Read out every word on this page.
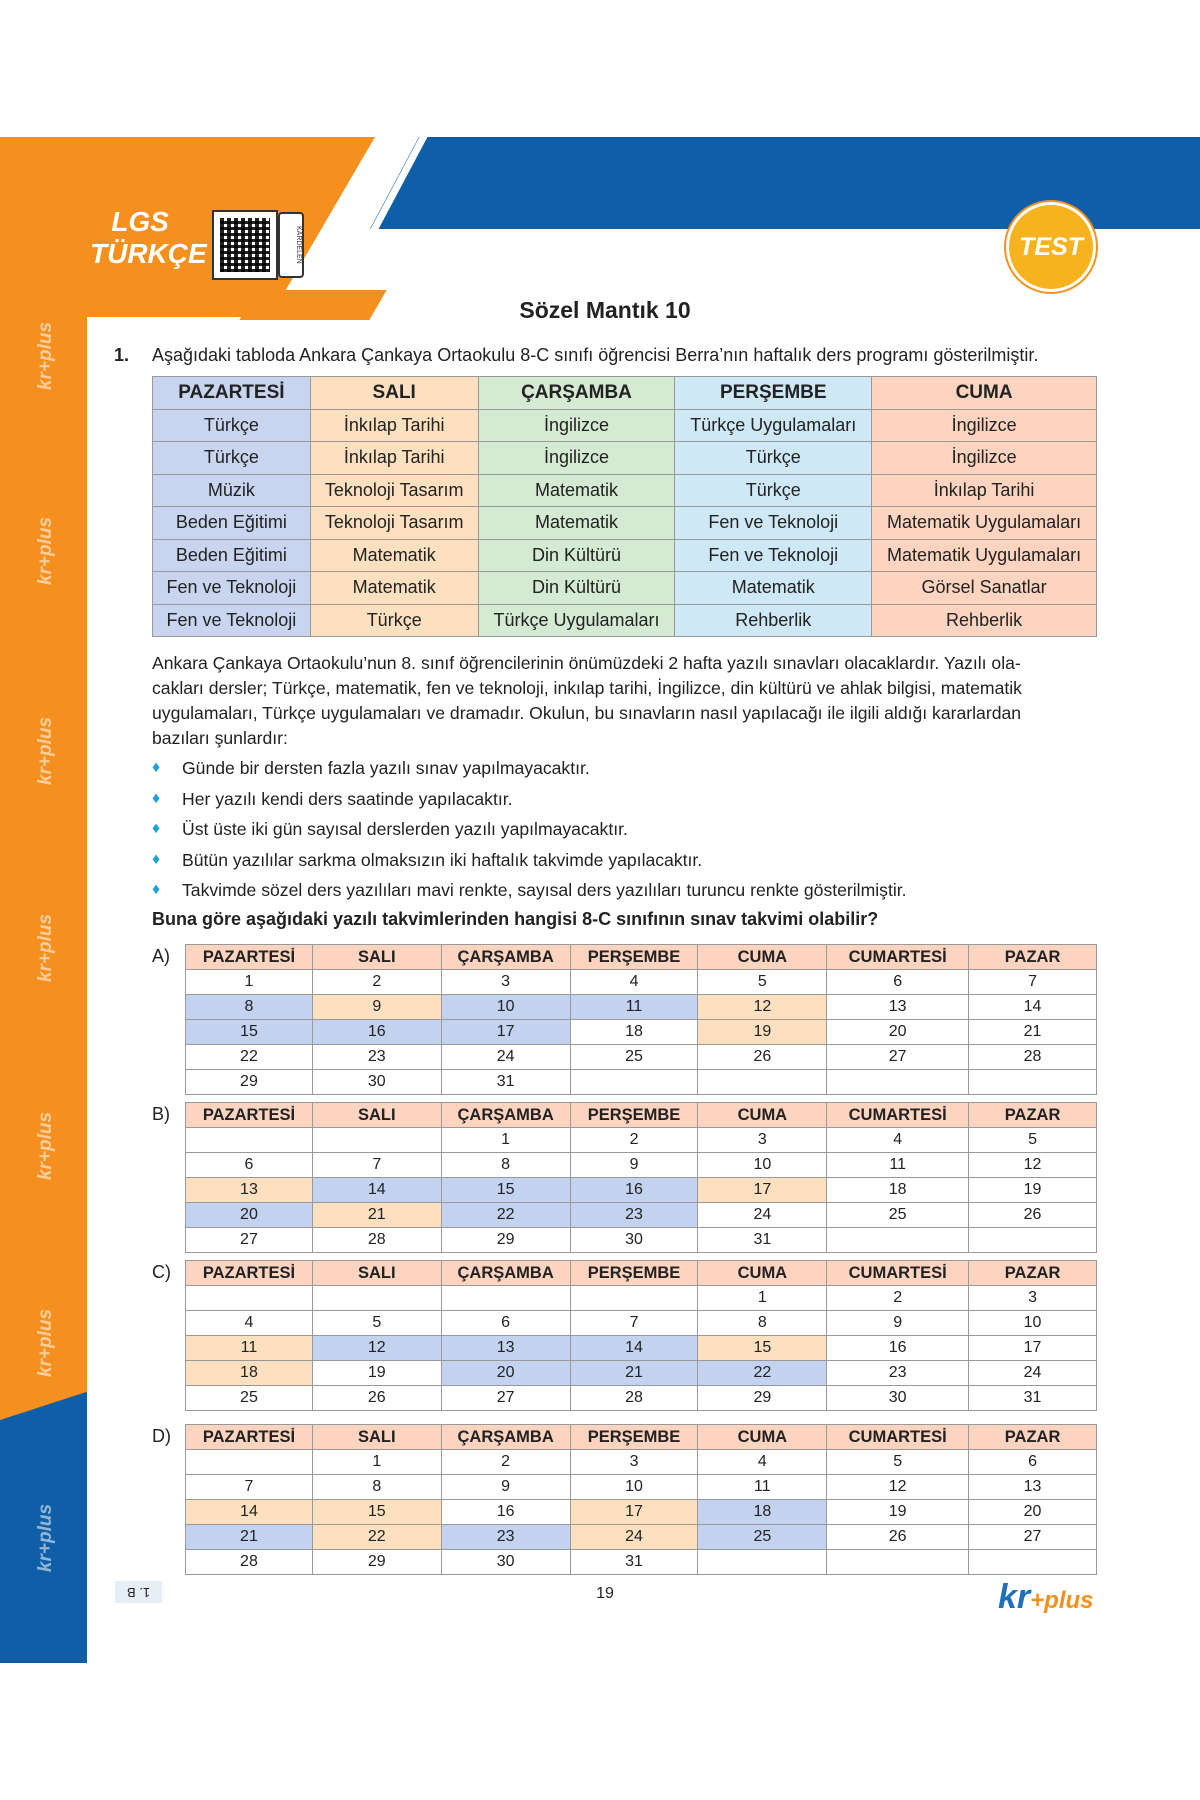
kr+plus
kr+plus
kr+plus
kr+plus
kr+plus
kr+plus
kr+plus
LGS
TÜRKÇE	KARDELEN	TEST 10
Sözel Mantık 10
1. Aşağıdaki tabloda Ankara Çankaya Ortaokulu 8-C sınıfı öğrencisi Berra’nın haftalık ders programı gösterilmiştir.
PAZARTESİ	SALI	ÇARŞAMBA	PERŞEMBE	CUMA
Türkçe	İnkılap Tarihi	İngilizce	Türkçe Uygulamaları	İngilizce
Türkçe	İnkılap Tarihi	İngilizce	Türkçe	İngilizce
Müzik	Teknoloji Tasarım	Matematik	Türkçe	İnkılap Tarihi
Beden Eğitimi	Teknoloji Tasarım	Matematik	Fen ve Teknoloji	Matematik Uygulamaları
Beden Eğitimi	Matematik	Din Kültürü	Fen ve Teknoloji	Matematik Uygulamaları
Fen ve Teknoloji	Matematik	Din Kültürü	Matematik	Görsel Sanatlar
Fen ve Teknoloji	Türkçe	Türkçe Uygulamaları	Rehberlik	Rehberlik
Ankara Çankaya Ortaokulu’nun 8. sınıf öğrencilerinin önümüzdeki 2 hafta yazılı sınavları olacaklardır. Yazılı ola-
cakları dersler; Türkçe, matematik, fen ve teknoloji, inkılap tarihi, İngilizce, din kültürü ve ahlak bilgisi, matematik
uygulamaları, Türkçe uygulamaları ve dramadır. Okulun, bu sınavların nasıl yapılacağı ile ilgili aldığı kararlardan
bazıları şunlardır:
♦ Günde bir dersten fazla yazılı sınav yapılmayacaktır.
♦ Her yazılı kendi ders saatinde yapılacaktır.
♦ Üst üste iki gün sayısal derslerden yazılı yapılmayacaktır.
♦ Bütün yazılılar sarkma olmaksızın iki haftalık takvimde yapılacaktır.
♦ Takvimde sözel ders yazılıları mavi renkte, sayısal ders yazılıları turuncu renkte gösterilmiştir.
Buna göre aşağıdaki yazılı takvimlerinden hangisi 8-C sınıfının sınav takvimi olabilir?
A) PAZARTESİ	SALI	ÇARŞAMBA	PERŞEMBE	CUMA	CUMARTESİ	PAZAR
1	2	3	4	5	6	7
8	9	10	11	12	13	14
15	16	17	18	19	20	21
22	23	24	25	26	27	28
29	30	31				
B) PAZARTESİ	SALI	ÇARŞAMBA	PERŞEMBE	CUMA	CUMARTESİ	PAZAR
		1	2	3	4	5
6	7	8	9	10	11	12
13	14	15	16	17	18	19
20	21	22	23	24	25	26
27	28	29	30	31		
C) PAZARTESİ	SALI	ÇARŞAMBA	PERŞEMBE	CUMA	CUMARTESİ	PAZAR
				1	2	3
4	5	6	7	8	9	10
11	12	13	14	15	16	17
18	19	20	21	22	23	24
25	26	27	28	29	30	31
D) PAZARTESİ	SALI	ÇARŞAMBA	PERŞEMBE	CUMA	CUMARTESİ	PAZAR
	1	2	3	4	5	6
7	8	9	10	11	12	13
14	15	16	17	18	19	20
21	22	23	24	25	26	27
28	29	30	31			
1. B	19	kr+plus
